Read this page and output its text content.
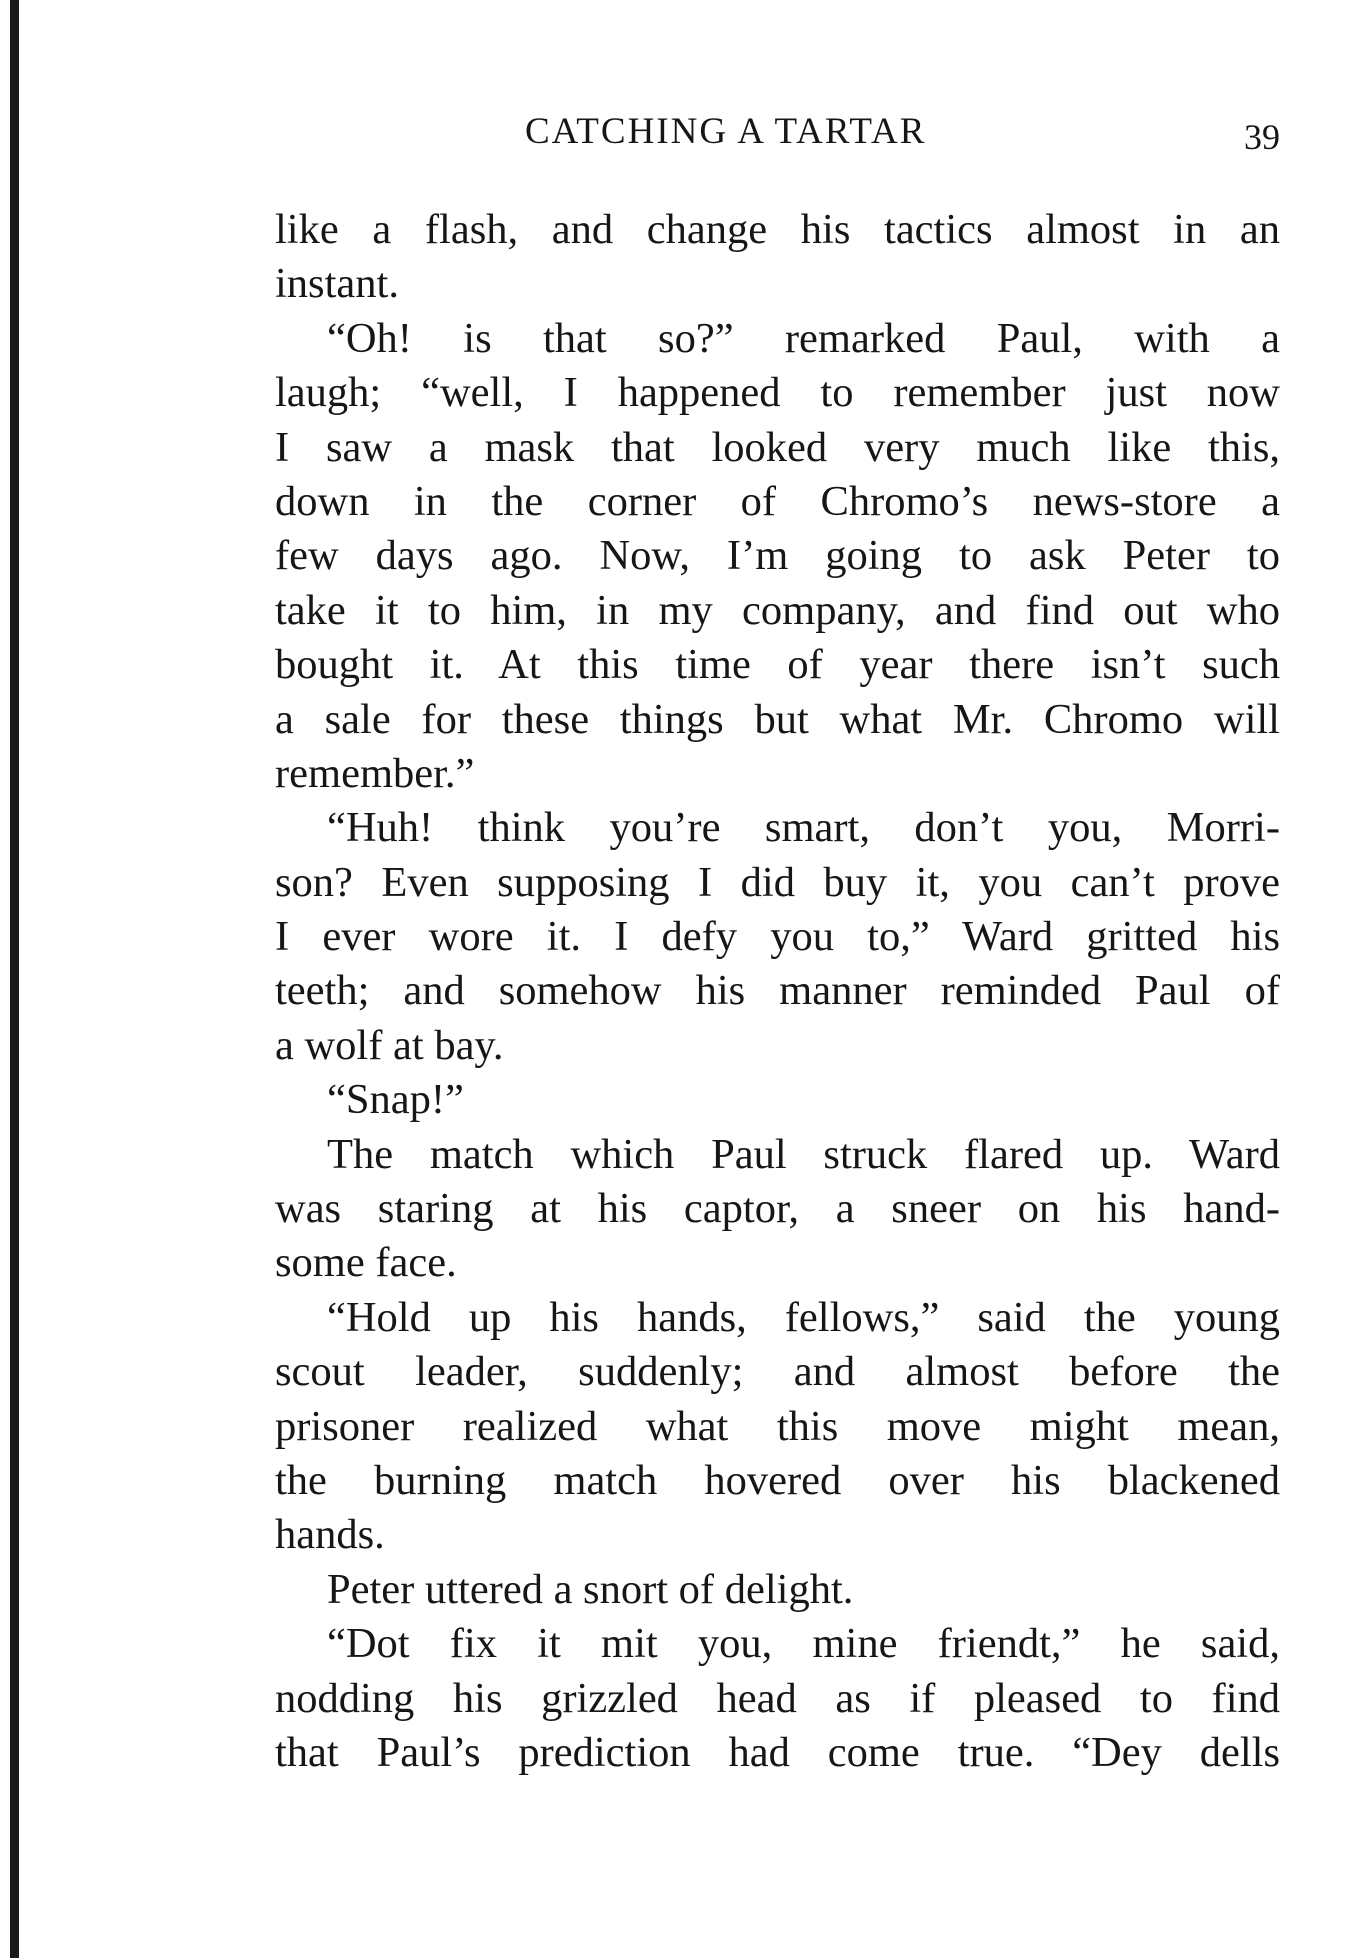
CATCHING A TARTAR	39
like a flash, and change his tactics almost in an
instant.
“Oh! is that so?” remarked Paul, with a
laugh; “well, I happened to remember just now
I saw a mask that looked very much like this,
down in the corner of Chromo’s news-store a
few days ago. Now, I’m going to ask Peter to
take it to him, in my company, and find out who
bought it. At this time of year there isn’t such
a sale for these things but what Mr. Chromo will
remember.”
“Huh! think you’re smart, don’t you, Morri-
son? Even supposing I did buy it, you can’t prove
I ever wore it. I defy you to,” Ward gritted his
teeth; and somehow his manner reminded Paul of
a wolf at bay.
“Snap!”
The match which Paul struck flared up. Ward
was staring at his captor, a sneer on his hand-
some face.
“Hold up his hands, fellows,” said the young
scout leader, suddenly; and almost before the
prisoner realized what this move might mean,
the burning match hovered over his blackened
hands.
Peter uttered a snort of delight.
“Dot fix it mit you, mine friendt,” he said,
nodding his grizzled head as if pleased to find
that Paul’s prediction had come true. “Dey dells
